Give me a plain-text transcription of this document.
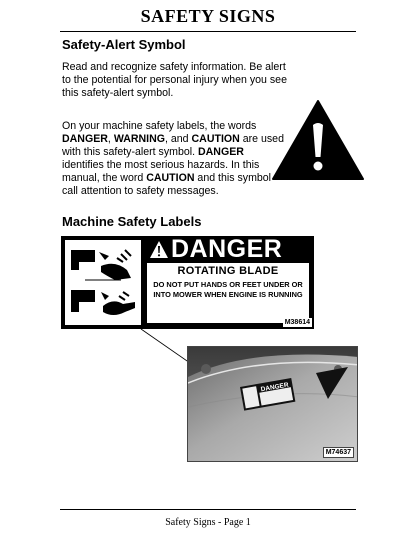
SAFETY SIGNS
Safety-Alert Symbol

Read and recognize safety information. Be alert to the potential for personal injury when you see this safety-alert symbol.

On your machine safety labels, the words DANGER, WARNING, and CAUTION are used with this safety-alert symbol. DANGER identifies the most serious hazards. In this manual, the word CAUTION and this symbol call attention to safety messages.

Machine Safety Labels
DANGER
ROTATING BLADE
DO NOT PUT HANDS OR FEET UNDER OR INTO MOWER WHEN ENGINE IS RUNNING
M38614
DANGER
M74637
Safety Signs - Page 1
